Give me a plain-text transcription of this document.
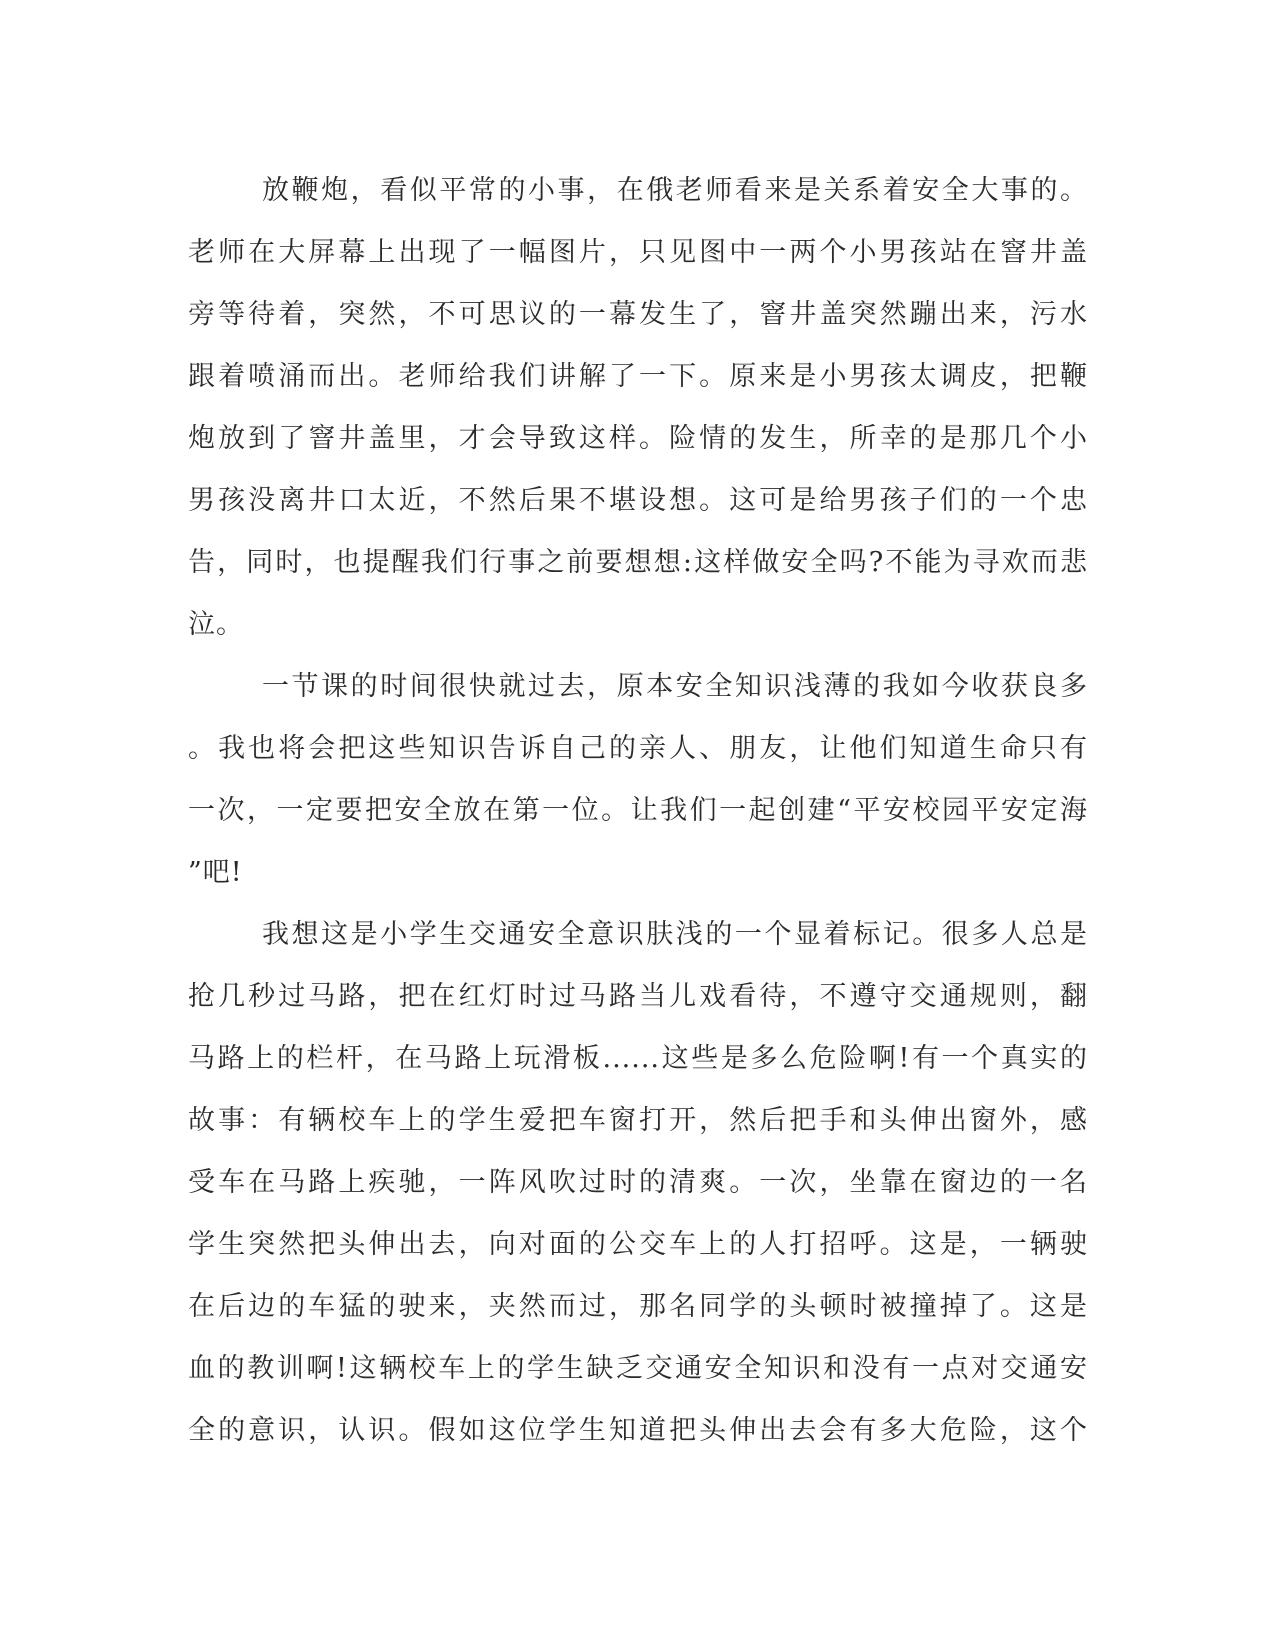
放鞭炮，看似平常的小事，在俄老师看来是关系着安全大事的。
老师在大屏幕上出现了一幅图片，只见图中一两个小男孩站在窨井盖
旁等待着，突然，不可思议的一幕发生了，窨井盖突然蹦出来，污水
跟着喷涌而出。老师给我们讲解了一下。原来是小男孩太调皮，把鞭
炮放到了窨井盖里，才会导致这样。险情的发生，所幸的是那几个小
男孩没离井口太近，不然后果不堪设想。这可是给男孩子们的一个忠
告，同时，也提醒我们行事之前要想想:这样做安全吗?不能为寻欢而悲
泣。
一节课的时间很快就过去，原本安全知识浅薄的我如今收获良多
。我也将会把这些知识告诉自己的亲人、朋友，让他们知道生命只有
一次，一定要把安全放在第一位。让我们一起创建“平安校园平安定海
”吧!
我想这是小学生交通安全意识肤浅的一个显着标记。很多人总是
抢几秒过马路，把在红灯时过马路当儿戏看待，不遵守交通规则，翻
马路上的栏杆，在马路上玩滑板......这些是多么危险啊!有一个真实的
故事：有辆校车上的学生爱把车窗打开，然后把手和头伸出窗外，感
受车在马路上疾驰，一阵风吹过时的清爽。一次，坐靠在窗边的一名
学生突然把头伸出去，向对面的公交车上的人打招呼。这是，一辆驶
在后边的车猛的驶来，夹然而过，那名同学的头顿时被撞掉了。这是
血的教训啊!这辆校车上的学生缺乏交通安全知识和没有一点对交通安
全的意识，认识。假如这位学生知道把头伸出去会有多大危险，这个
